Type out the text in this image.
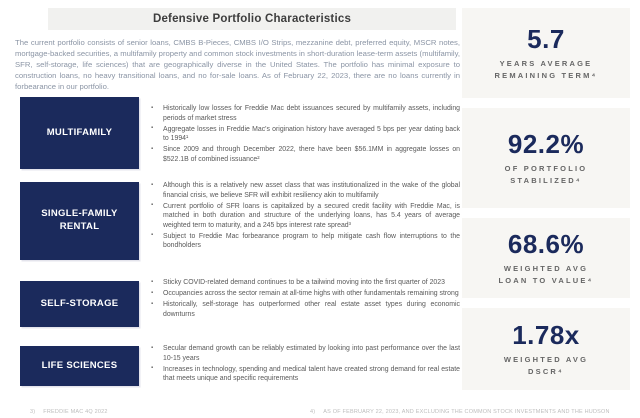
Defensive Portfolio Characteristics

The current portfolio consists of senior loans, CMBS B-Pieces, CMBS I/O Strips, mezzanine debt, preferred equity, MSCR notes, mortgage-backed securities, a multifamily property and common stock investments in short-duration lease-term assets (multifamily, SFR, self-storage, life sciences) that are geographically diverse in the United States. The portfolio has minimal exposure to construction loans, no heavy transitional loans, and no for-sale loans. As of February 22, 2023, there are no loans currently in forbearance in our portfolio.

MULTIFAMILY
▪ Historically low losses for Freddie Mac debt issuances secured by multifamily assets, including periods of market stress
▪ Aggregate losses in Freddie Mac's origination history have averaged 5 bps per year dating back to 1994¹
▪ Since 2009 and through December 2022, there have been $56.1MM in aggregate losses on $522.1B of combined issuance²
SINGLE-FAMILY RENTAL
▪ Although this is a relatively new asset class that was institutionalized in the wake of the global financial crisis, we believe SFR will exhibit resiliency akin to multifamily
▪ Current portfolio of SFR loans is capitalized by a secured credit facility with Freddie Mac, is matched in both duration and structure of the underlying loans, has 5.4 years of average weighted term to maturity, and a 245 bps interest rate spread³
▪ Subject to Freddie Mac forbearance program to help mitigate cash flow interruptions to the bondholders
SELF-STORAGE
▪ Sticky COVID-related demand continues to be a tailwind moving into the first quarter of 2023
▪ Occupancies across the sector remain at all-time highs with other fundamentals remaining strong
▪ Historically, self-storage has outperformed other real estate asset types during economic downturns
LIFE SCIENCES
▪ Secular demand growth can be reliably estimated by looking into past performance over the last 10-15 years
▪ Increases in technology, spending and medical talent have created strong demand for real estate that meets unique and specific requirements
5.7
YEARS AVERAGE
REMAINING TERM⁴
92.2%
OF PORTFOLIO
STABILIZED⁴
68.6%
WEIGHTED AVG
LOAN TO VALUE⁴
1.78x
WEIGHTED AVG
DSCR⁴
3) FREDDIE MAC 4Q 2022	4) AS OF FEBRUARY 22, 2023, AND EXCLUDING THE COMMON STOCK INVESTMENTS AND THE HUDSON
